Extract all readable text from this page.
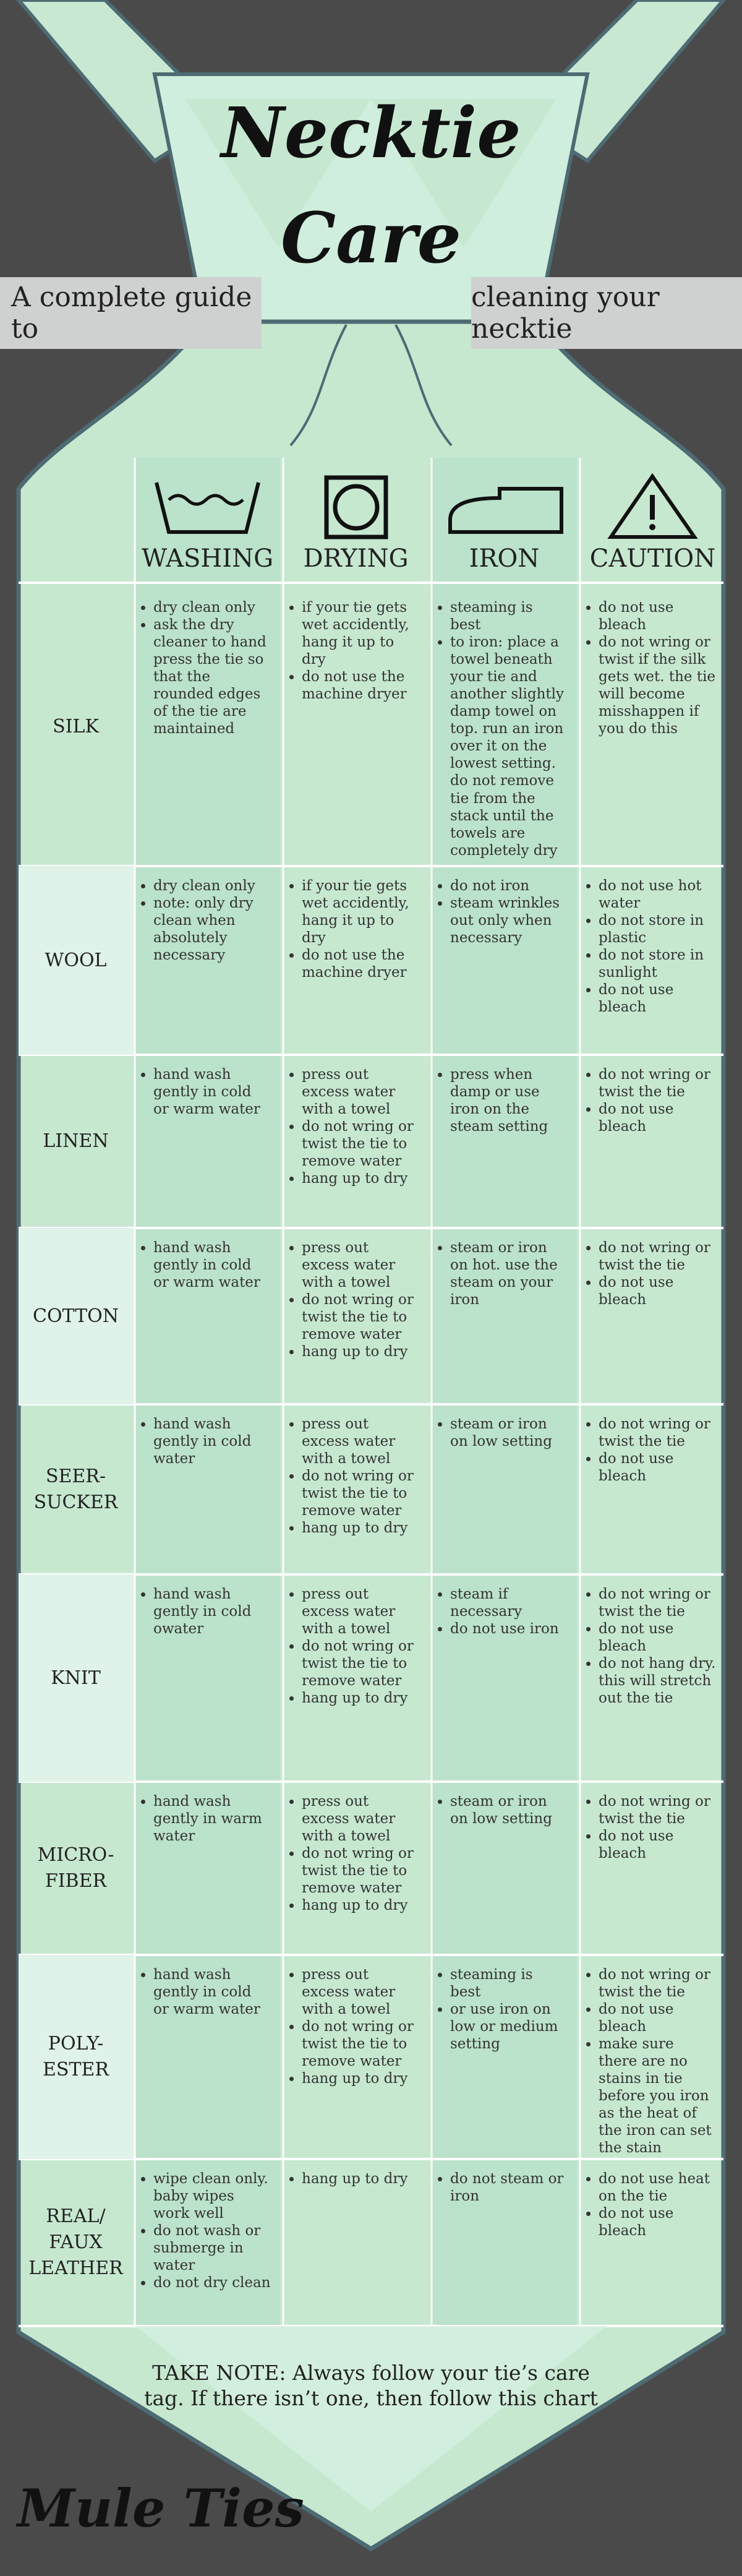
Necktie
Care
A complete guide to
cleaning your necktie
WASHING	DRYING	IRON	CAUTION
SILK
• dry clean only
• ask the dry cleaner to hand press the tie so that the rounded edges of the tie are maintained
• if your tie gets wet accidently, hang it up to dry
• do not use the machine dryer
• steaming is best
• to iron: place a towel beneath your tie and another slightly damp towel on top. run an iron over it on the lowest setting. do not remove tie from the stack until the towels are completely dry
• do not use bleach
• do not wring or twist if the silk gets wet. the tie will become misshappen if you do this
WOOL
• dry clean only
• note: only dry clean when absolutely necessary
• if your tie gets wet accidently, hang it up to dry
• do not use the machine dryer
• do not iron
• steam wrinkles out only when necessary
• do not use hot water
• do not store in plastic
• do not store in sunlight
• do not use bleach
LINEN
• hand wash gently in cold or warm water
• press out excess water with a towel
• do not wring or twist the tie to remove water
• hang up to dry
• press when damp or use iron on the steam setting
• do not wring or twist the tie
• do not use bleach
COTTON
• hand wash gently in cold or warm water
• press out excess water with a towel
• do not wring or twist the tie to remove water
• hang up to dry
• steam or iron on hot. use the steam on your iron
• do not wring or twist the tie
• do not use bleach
SEER-
SUCKER
• hand wash gently in cold water
• press out excess water with a towel
• do not wring or twist the tie to remove water
• hang up to dry
• steam or iron on low setting
• do not wring or twist the tie
• do not use bleach
KNIT
• hand wash gently in cold owater
• press out excess water with a towel
• do not wring or twist the tie to remove water
• hang up to dry
• steam if necessary
• do not use iron
• do not wring or twist the tie
• do not use bleach
• do not hang dry. this will stretch out the tie
MICRO-
FIBER
• hand wash gently in warm water
• press out excess water with a towel
• do not wring or twist the tie to remove water
• hang up to dry
• steam or iron on low setting
• do not wring or twist the tie
• do not use bleach
POLY-
ESTER
• hand wash gently in cold or warm water
• press out excess water with a towel
• do not wring or twist the tie to remove water
• hang up to dry
• steaming is best
• or use iron on low or medium setting
• do not wring or twist the tie
• do not use bleach
• make sure there are no stains in tie before you iron as the heat of the iron can set the stain
REAL/
FAUX
LEATHER
• wipe clean only. baby wipes work well
• do not wash or submerge in water
• do not dry clean
• hang up to dry
•	do not steam or iron
• do not use heat on the tie
• do not use bleach
TAKE NOTE: Always follow your tie’s care tag. If there isn’t one, then follow this chart
Mule Ties
